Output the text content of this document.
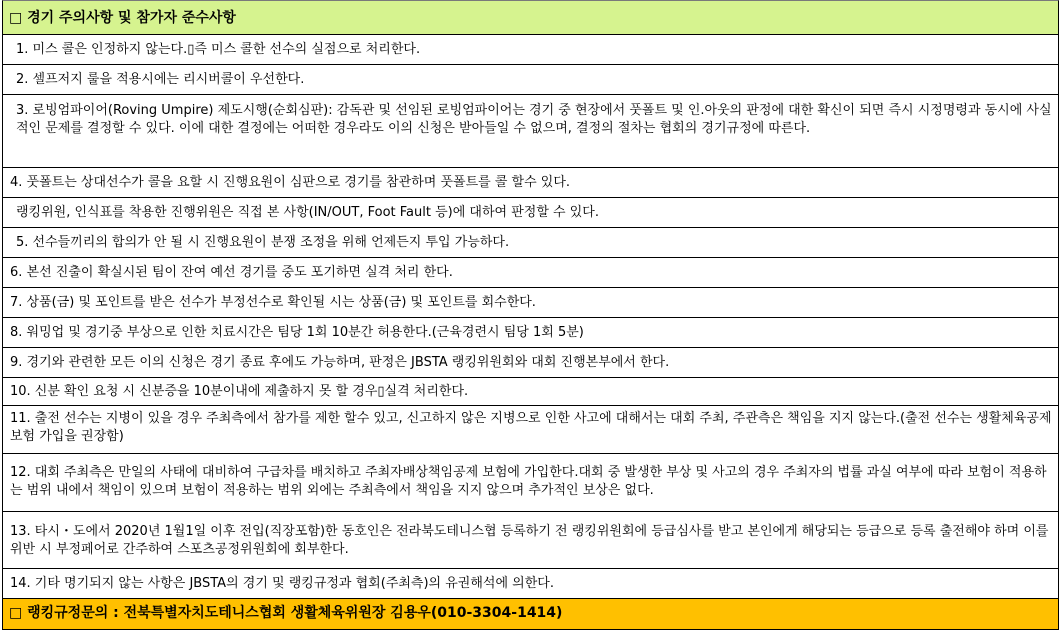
□ 경기 주의사항 및 참가자 준수사항
1. 미스 콜은 인정하지 않는다.▯즉 미스 콜한 선수의 실점으로 처리한다.
2. 셀프저지 룰을 적용시에는 리시버콜이 우선한다.
3. 로빙엄파이어(Roving Umpire) 제도시행(순회심판): 감독관 및 선임된 로빙엄파이어는 경기 중 현장에서 풋폴트 및 인.아웃의 판정에 대한 확신이 되면 즉시 시정명령과 동시에 사실적인 문제를 결정할 수 있다. 이에 대한 결정에는 어떠한 경우라도 이의 신청은 받아들일 수 없으며, 결정의 절차는 협회의 경기규정에 따른다.
4. 풋폴트는 상대선수가 콜을 요할 시 진행요원이 심판으로 경기를 참관하며 풋폴트를 콜 할수 있다.
랭킹위원, 인식표를 착용한 진행위원은 직접 본 사항(IN/OUT, Foot Fault 등)에 대하여 판정할 수 있다.
5. 선수들끼리의 합의가 안 될 시 진행요원이 분쟁 조정을 위해 언제든지 투입 가능하다.
6. 본선 진출이 확실시된 팀이 잔여 예선 경기를 중도 포기하면 실격 처리 한다.
7. 상품(금) 및 포인트를 받은 선수가 부정선수로 확인될 시는 상품(금) 및 포인트를 회수한다.
8. 워밍업 및 경기중 부상으로 인한 치료시간은 팀당 1회 10분간 허용한다.(근육경련시 팀당 1회 5분)
9. 경기와 관련한 모든 이의 신청은 경기 종료 후에도 가능하며, 판정은 JBSTA 랭킹위원회와 대회 진행본부에서 한다.
10. 신분 확인 요청 시 신분증을 10분이내에 제출하지 못 할 경우▯실격 처리한다.
11. 출전 선수는 지병이 있을 경우 주최측에서 참가를 제한 할수 있고, 신고하지 않은 지병으로 인한 사고에 대해서는 대회 주최, 주관측은 책임을 지지 않는다.(출전 선수는 생활체육공제보험 가입을 권장함)
12. 대회 주최측은 만일의 사태에 대비하여 구급차를 배치하고 주최자배상책임공제 보험에 가입한다.대회 중 발생한 부상 및 사고의 경우 주최자의 법률 과실 여부에 따라 보험이 적용하는 범위 내에서 책임이 있으며 보험이 적용하는 범위 외에는 주최측에서 책임을 지지 않으며 추가적인 보상은 없다.
13. 타시・도에서 2020년 1월1일 이후 전입(직장포함)한 동호인은 전라북도테니스협 등록하기 전 랭킹위원회에 등급심사를 받고 본인에게 해당되는 등급으로 등록 출전해야 하며 이를 위반 시 부정페어로 간주하여 스포츠공정위원회에 회부한다.
14. 기타 명기되지 않는 사항은 JBSTA의 경기 및 랭킹규정과 협회(주최측)의 유권해석에 의한다.
□ 랭킹규정문의 : 전북특별자치도테니스협회 생활체육위원장 김용우(010-3304-1414)
